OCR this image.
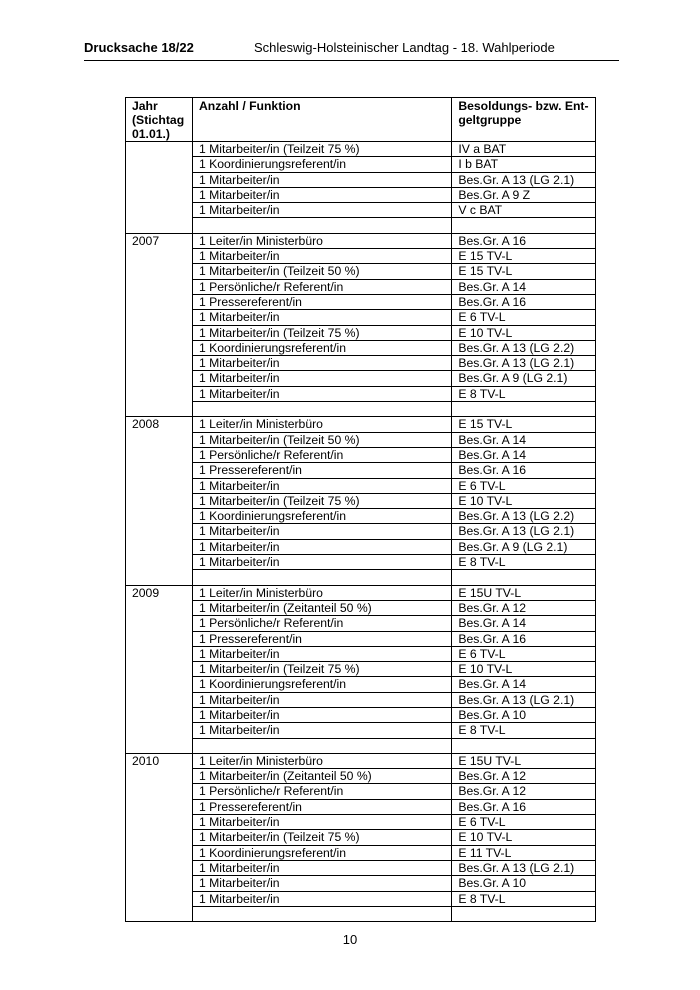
Drucksache 18/22	Schleswig-Holsteinischer Landtag - 18. Wahlperiode
Jahr (Stichtag 01.01.)	Anzahl / Funktion	Besoldungs- bzw. Ent-geltgruppe
	1 Mitarbeiter/in (Teilzeit 75 %)	IV a BAT
	1 Koordinierungsreferent/in	I b BAT
	1 Mitarbeiter/in	Bes.Gr. A 13 (LG 2.1)
	1 Mitarbeiter/in	Bes.Gr. A 9 Z
	1 Mitarbeiter/in	V c BAT

2007	1 Leiter/in Ministerbüro	Bes.Gr. A 16
	1 Mitarbeiter/in	E 15 TV-L
	1 Mitarbeiter/in (Teilzeit 50 %)	E 15 TV-L
	1 Persönliche/r Referent/in	Bes.Gr. A 14
	1 Pressereferent/in	Bes.Gr. A 16
	1 Mitarbeiter/in	E 6 TV-L
	1 Mitarbeiter/in (Teilzeit 75 %)	E 10 TV-L
	1 Koordinierungsreferent/in	Bes.Gr. A 13 (LG 2.2)
	1 Mitarbeiter/in	Bes.Gr. A 13 (LG 2.1)
	1 Mitarbeiter/in	Bes.Gr. A 9 (LG 2.1)
	1 Mitarbeiter/in	E 8 TV-L

2008	1 Leiter/in Ministerbüro	E 15 TV-L
	1 Mitarbeiter/in (Teilzeit 50 %)	Bes.Gr. A 14
	1 Persönliche/r Referent/in	Bes.Gr. A 14
	1 Pressereferent/in	Bes.Gr. A 16
	1 Mitarbeiter/in	E 6 TV-L
	1 Mitarbeiter/in (Teilzeit 75 %)	E 10 TV-L
	1 Koordinierungsreferent/in	Bes.Gr. A 13 (LG 2.2)
	1 Mitarbeiter/in	Bes.Gr. A 13 (LG 2.1)
	1 Mitarbeiter/in	Bes.Gr. A 9 (LG 2.1)
	1 Mitarbeiter/in	E 8 TV-L

2009	1 Leiter/in Ministerbüro	E 15U TV-L
	1 Mitarbeiter/in (Zeitanteil 50 %)	Bes.Gr. A 12
	1 Persönliche/r Referent/in	Bes.Gr. A 14
	1 Pressereferent/in	Bes.Gr. A 16
	1 Mitarbeiter/in	E 6 TV-L
	1 Mitarbeiter/in (Teilzeit 75 %)	E 10 TV-L
	1 Koordinierungsreferent/in	Bes.Gr. A 14
	1 Mitarbeiter/in	Bes.Gr. A 13 (LG 2.1)
	1 Mitarbeiter/in	Bes.Gr. A 10
	1 Mitarbeiter/in	E 8 TV-L

2010	1 Leiter/in Ministerbüro	E 15U TV-L
	1 Mitarbeiter/in (Zeitanteil 50 %)	Bes.Gr. A 12
	1 Persönliche/r Referent/in	Bes.Gr. A 12
	1 Pressereferent/in	Bes.Gr. A 16
	1 Mitarbeiter/in	E 6 TV-L
	1 Mitarbeiter/in (Teilzeit 75 %)	E 10 TV-L
	1 Koordinierungsreferent/in	E 11 TV-L
	1 Mitarbeiter/in	Bes.Gr. A 13 (LG 2.1)
	1 Mitarbeiter/in	Bes.Gr. A 10
	1 Mitarbeiter/in	E 8 TV-L

10
